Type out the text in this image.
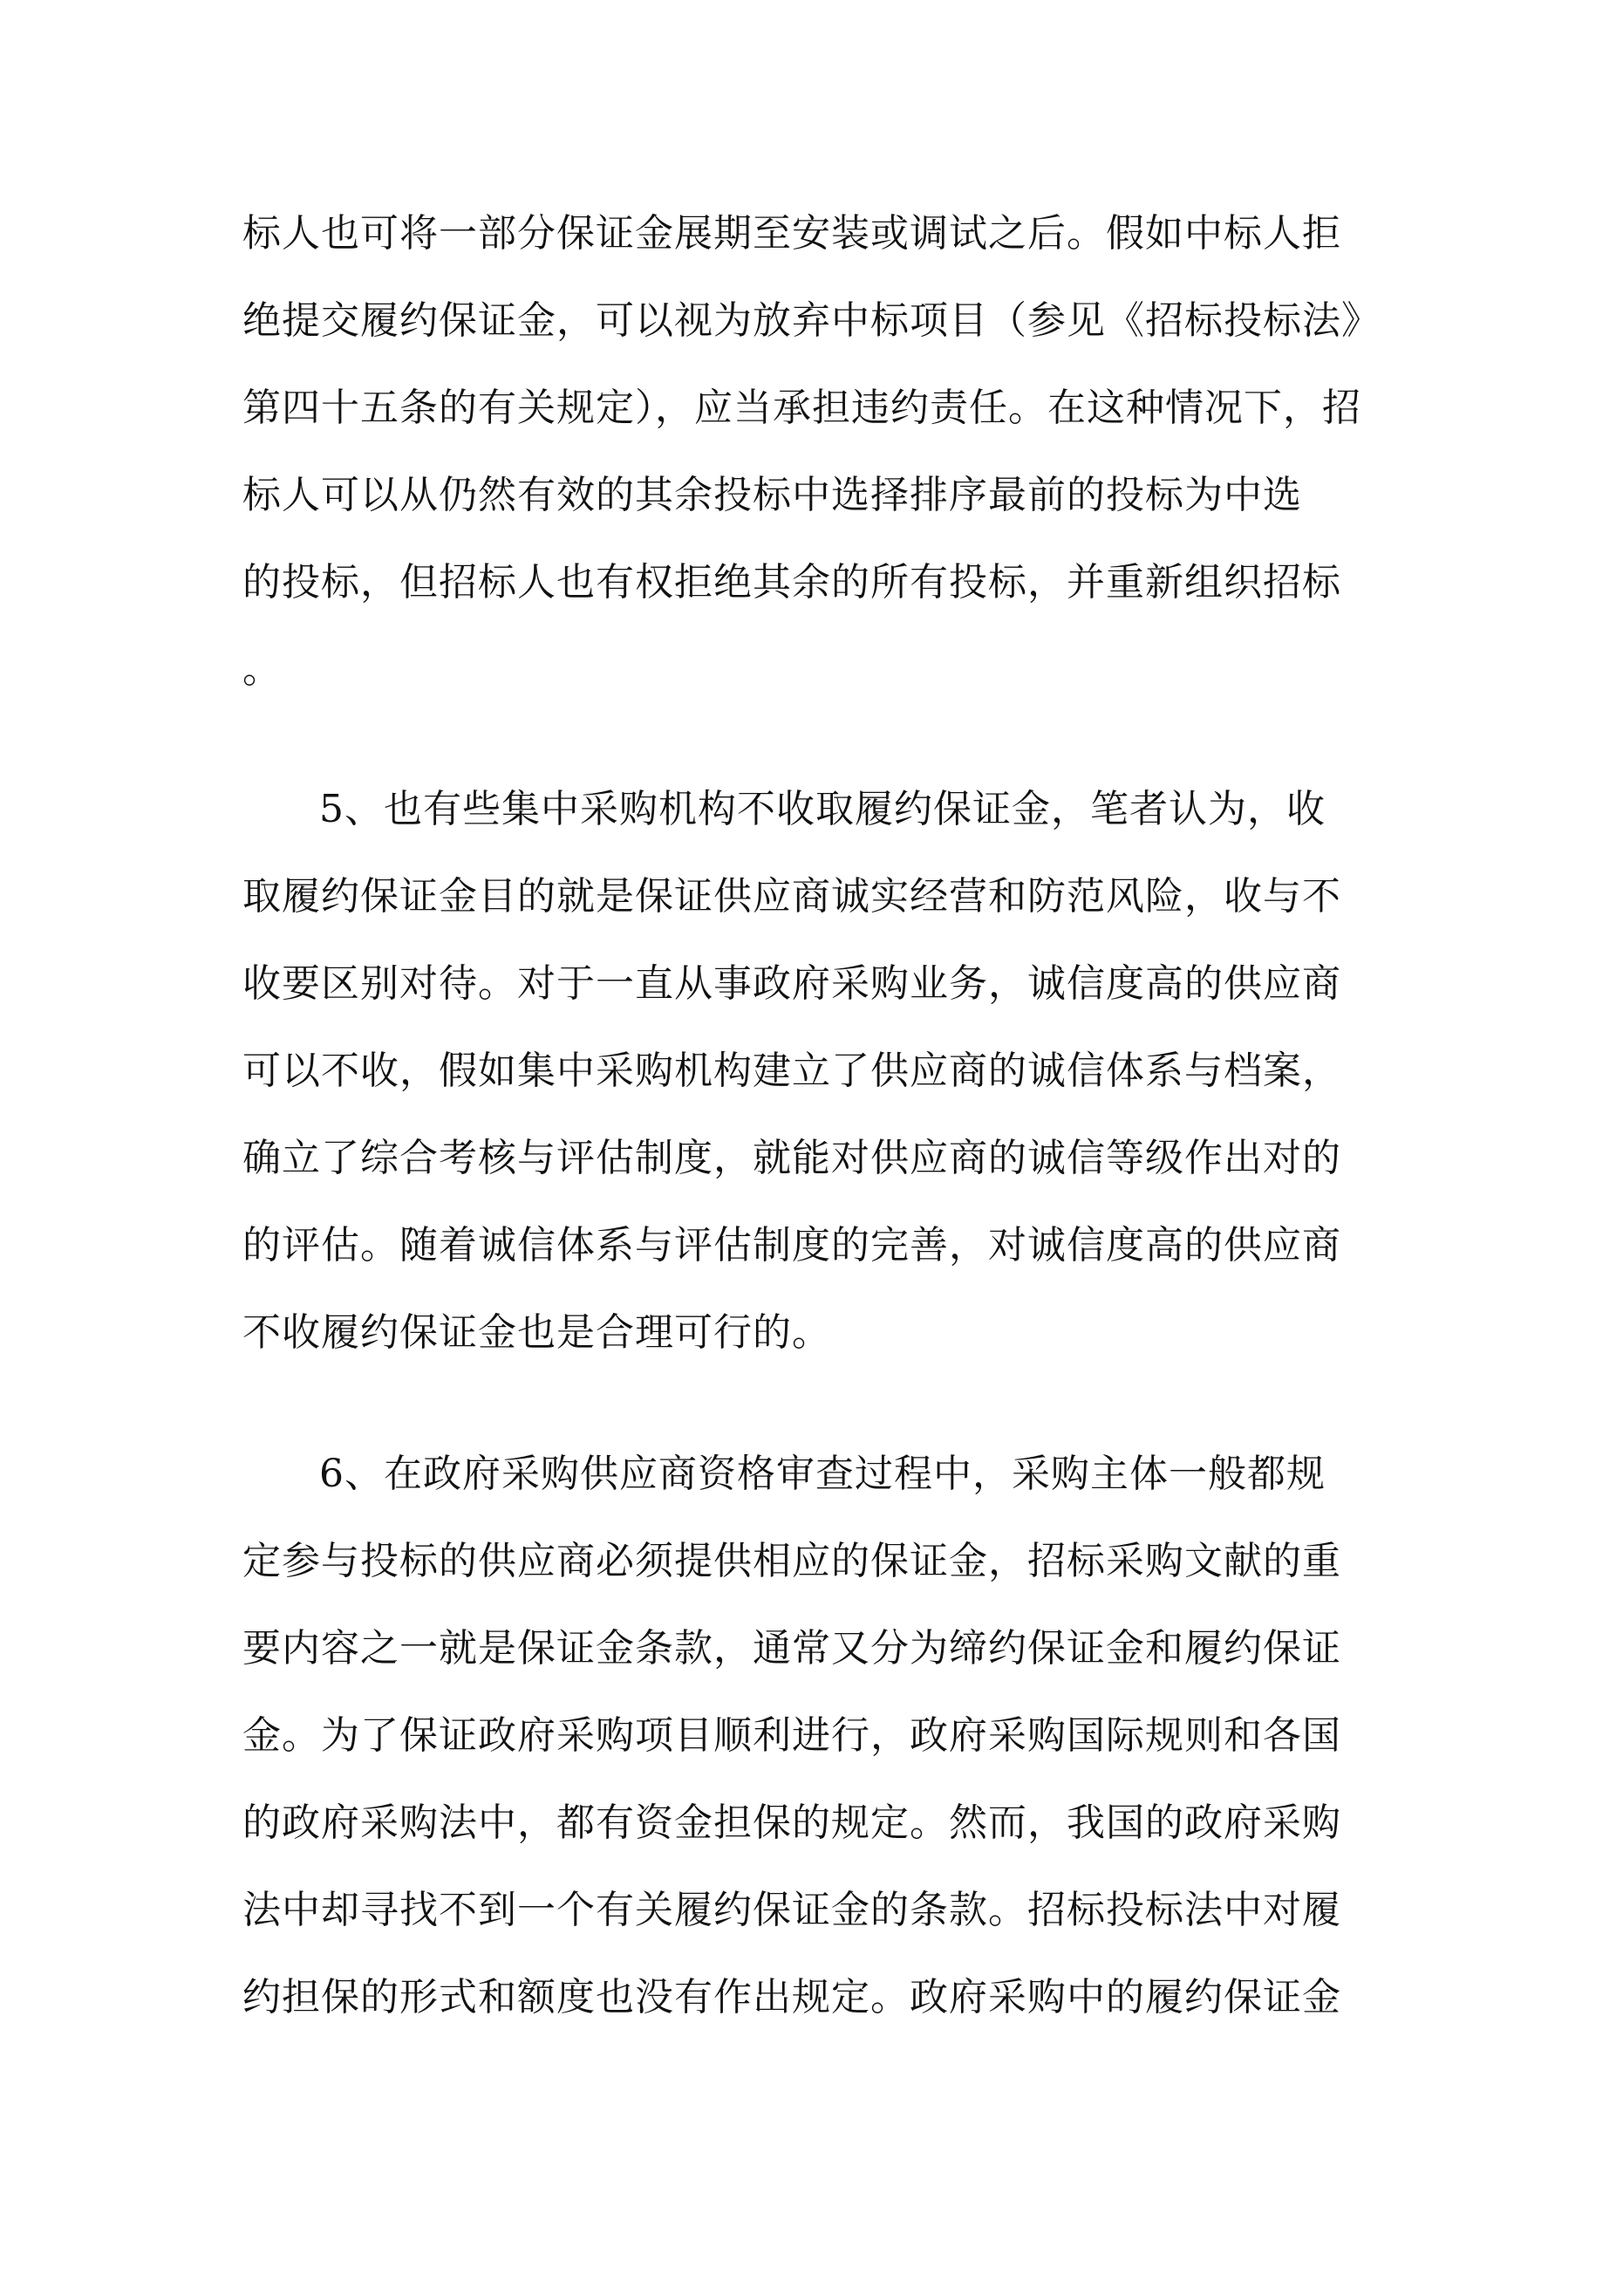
标人也可将一部分保证金展期至安装或调试之后。假如中标人拒
绝提交履约保证金，可以视为放弃中标项目（参见《招标投标法》
第四十五条的有关规定），应当承担违约责任。在这种情况下，招
标人可以从仍然有效的其余投标中选择排序最前的投标为中选
的投标，但招标人也有权拒绝其余的所有投标，并重新组织招标
。
5、也有些集中采购机构不收取履约保证金，笔者认为，收
取履约保证金目的就是保证供应商诚实经营和防范风险，收与不
收要区别对待。对于一直从事政府采购业务，诚信度高的供应商
可以不收，假如集中采购机构建立了供应商的诚信体系与档案，
确立了综合考核与评估制度，就能对供应商的诚信等级作出对的
的评估。随着诚信体系与评估制度的完善，对诚信度高的供应商
不收履约保证金也是合理可行的。
6、在政府采购供应商资格审查过程中，采购主体一般都规
定参与投标的供应商必须提供相应的保证金，招标采购文献的重
要内容之一就是保证金条款，通常又分为缔约保证金和履约保证
金。为了保证政府采购项目顺利进行，政府采购国际规则和各国
的政府采购法中，都有资金担保的规定。然而，我国的政府采购
法中却寻找不到一个有关履约保证金的条款。招标投标法中对履
约担保的形式和额度也没有作出规定。政府采购中的履约保证金
